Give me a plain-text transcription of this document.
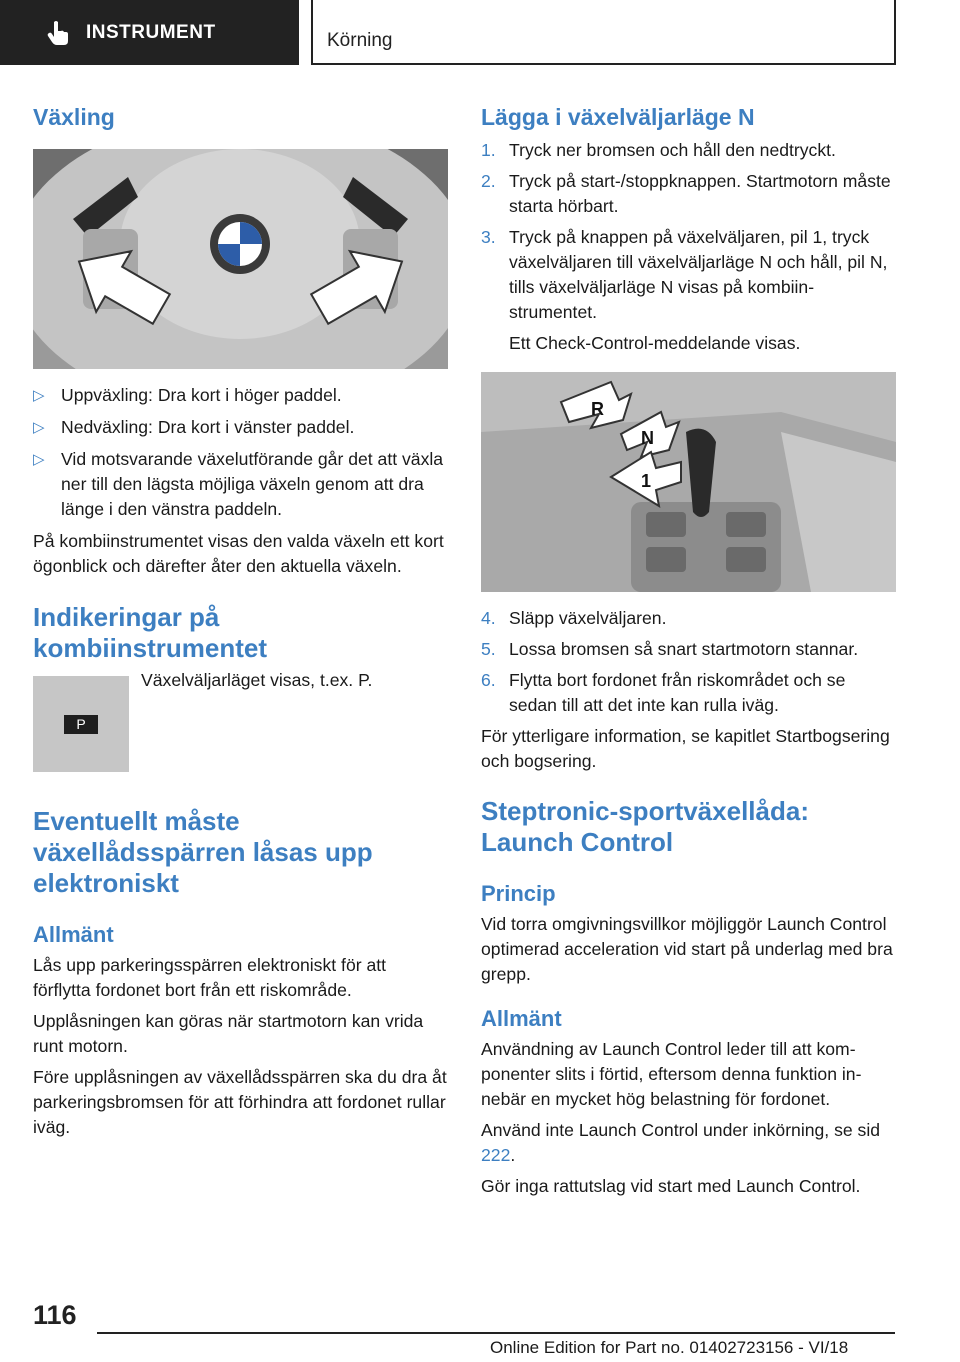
INSTRUMENT	Körning
Växling
▷ Uppväxling: Dra kort i höger paddel.
▷ Nedväxling: Dra kort i vänster paddel.
▷ Vid motsvarande växelutförande går det att växla ner till den lägsta möjliga växeln genom att dra länge i den vänstra paddeln.

På kombiinstrumentet visas den valda växeln ett kort ögonblick och därefter åter den aktuella växeln.

Indikeringar på kombiinstrumentet
P

Växelväljarläget visas, t.ex. P.

Eventuellt måste växellådsspärren låsas upp elektroniskt
Allmänt

Lås upp parkeringsspärren elektroniskt för att förflytta fordonet bort från ett riskområde.

Upplåsningen kan göras när startmotorn kan vrida runt motorn.

Före upplåsningen av växellådsspärren ska du dra åt parkeringsbromsen för att förhindra att fordonet rullar iväg.

Lägga i växelväljarläge N
1. Tryck ner bromsen och håll den nedtryckt.
2. Tryck på start-/stoppknappen. Startmotorn måste starta hörbart.
3. Tryck på knappen på växelväljaren, pil 1, tryck växelväljaren till växelväljarläge N och håll, pil N, tills växelväljarläge N visas på kombiinstrumentet.

Ett Check-Control-meddelande visas.

R
N
1
4. Släpp växelväljaren.
5. Lossa bromsen så snart startmotorn stannar.
6. Flytta bort fordonet från riskområdet och se sedan till att det inte kan rulla iväg.

För ytterligare information, se kapitlet Startbogsering och bogsering.

Steptronic-sportväxellåda: Launch Control
Princip

Vid torra omgivningsvillkor möjliggör Launch Control optimerad acceleration vid start på underlag med bra grepp.

Allmänt

Användning av Launch Control leder till att komponenter slits i förtid, eftersom denna funktion innebär en mycket hög belastning för fordonet.

Använd inte Launch Control under inkörning, se sid 222.

Gör inga rattutslag vid start med Launch Control.

116
Online Edition for Part no. 01402723156 - VI/18
